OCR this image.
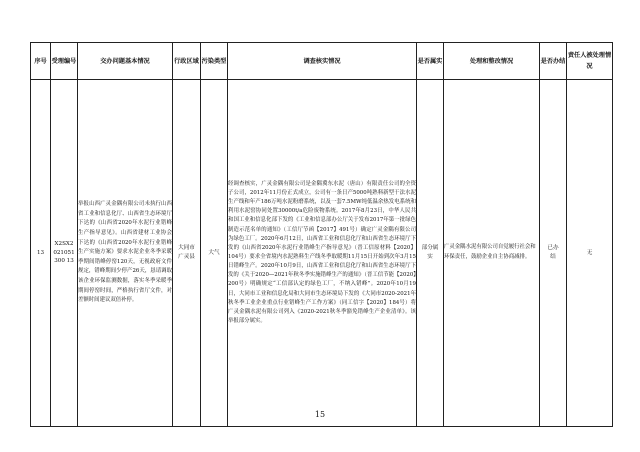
序号	受理编号	交办问题基本情况	行政区域	污染类型	调查核实情况	是否属实	处理和整改情况	是否办结	责任人被处理情况
13	X2SX2021051300 13	举报山西广灵金隅有限公司未执行山西省工业和信息化厅、山西省生态环境厅下达的《山西省2020年水泥行业错峰生产指导意见》。山西省建材工业协会下达的《山西省2020年水泥行业错峰生产实施方案》要求水泥企业冬季采暖季期间错峰停窑120天，无视政府文件规定，错峰期间少停产26天，恳请调取该企业环保监测数据，落实冬季采暖季期间停窑时间，严格执行省厅文件，对差额时间建议双倍补停。	大同市广灵县	大气	经调查核实，广灵金隅有限公司是金隅冀东水泥（唐山）有限责任公司的全资子公司，2012年11月份正式成立，公司有一条日产5000吨熟料新型干法水泥生产线和年产186万吨水泥粉磨系统，以及一套7.5MW纯低温余热发电系统和利用水泥窑协同处置30000t/a危险废物系统。2017年8月23日，中华人民共和国工业和信息化部下发的《工业和信息部办公厅关于发布2017年第一批绿色制造示范名单的通知》（工信厅节函【2017】491号）确定广灵金隅有限公司为绿色工厂。2020年6月12日，山西省工业和信息化厅和山西省生态环境厅下发的《山西省2020年水泥行业错峰生产指导意见》（晋工信原材料【2020】104号）要求全省境内水泥熟料生产线冬季取暖期11月15日开始到次年3月15日错峰生产。2020年10月9日，山西省工业和信息化厅和山西省生态环境厅下发的《关于2020—2021年秋冬季实施错峰生产的通知》（晋工信节能【2020】200号）明确规定“工信部认定的绿色工厂，不纳入错峰”。2020年10月19日，大同市工业和信息化局和大同市生态环境局下发的《大同市2020-2021年秋冬季工业企业重点行业错峰生产工作方案》（同工信字【2020】184号）将广灵金隅水泥有限公司列入《2020-2021秋冬季豁免错峰生产企业清单》。该举报部分属实。	部分属实	广灵金隅水泥有限公司自觉履行社会和环保责任，鼓励企业自主协商减排。	已办结	无
15
